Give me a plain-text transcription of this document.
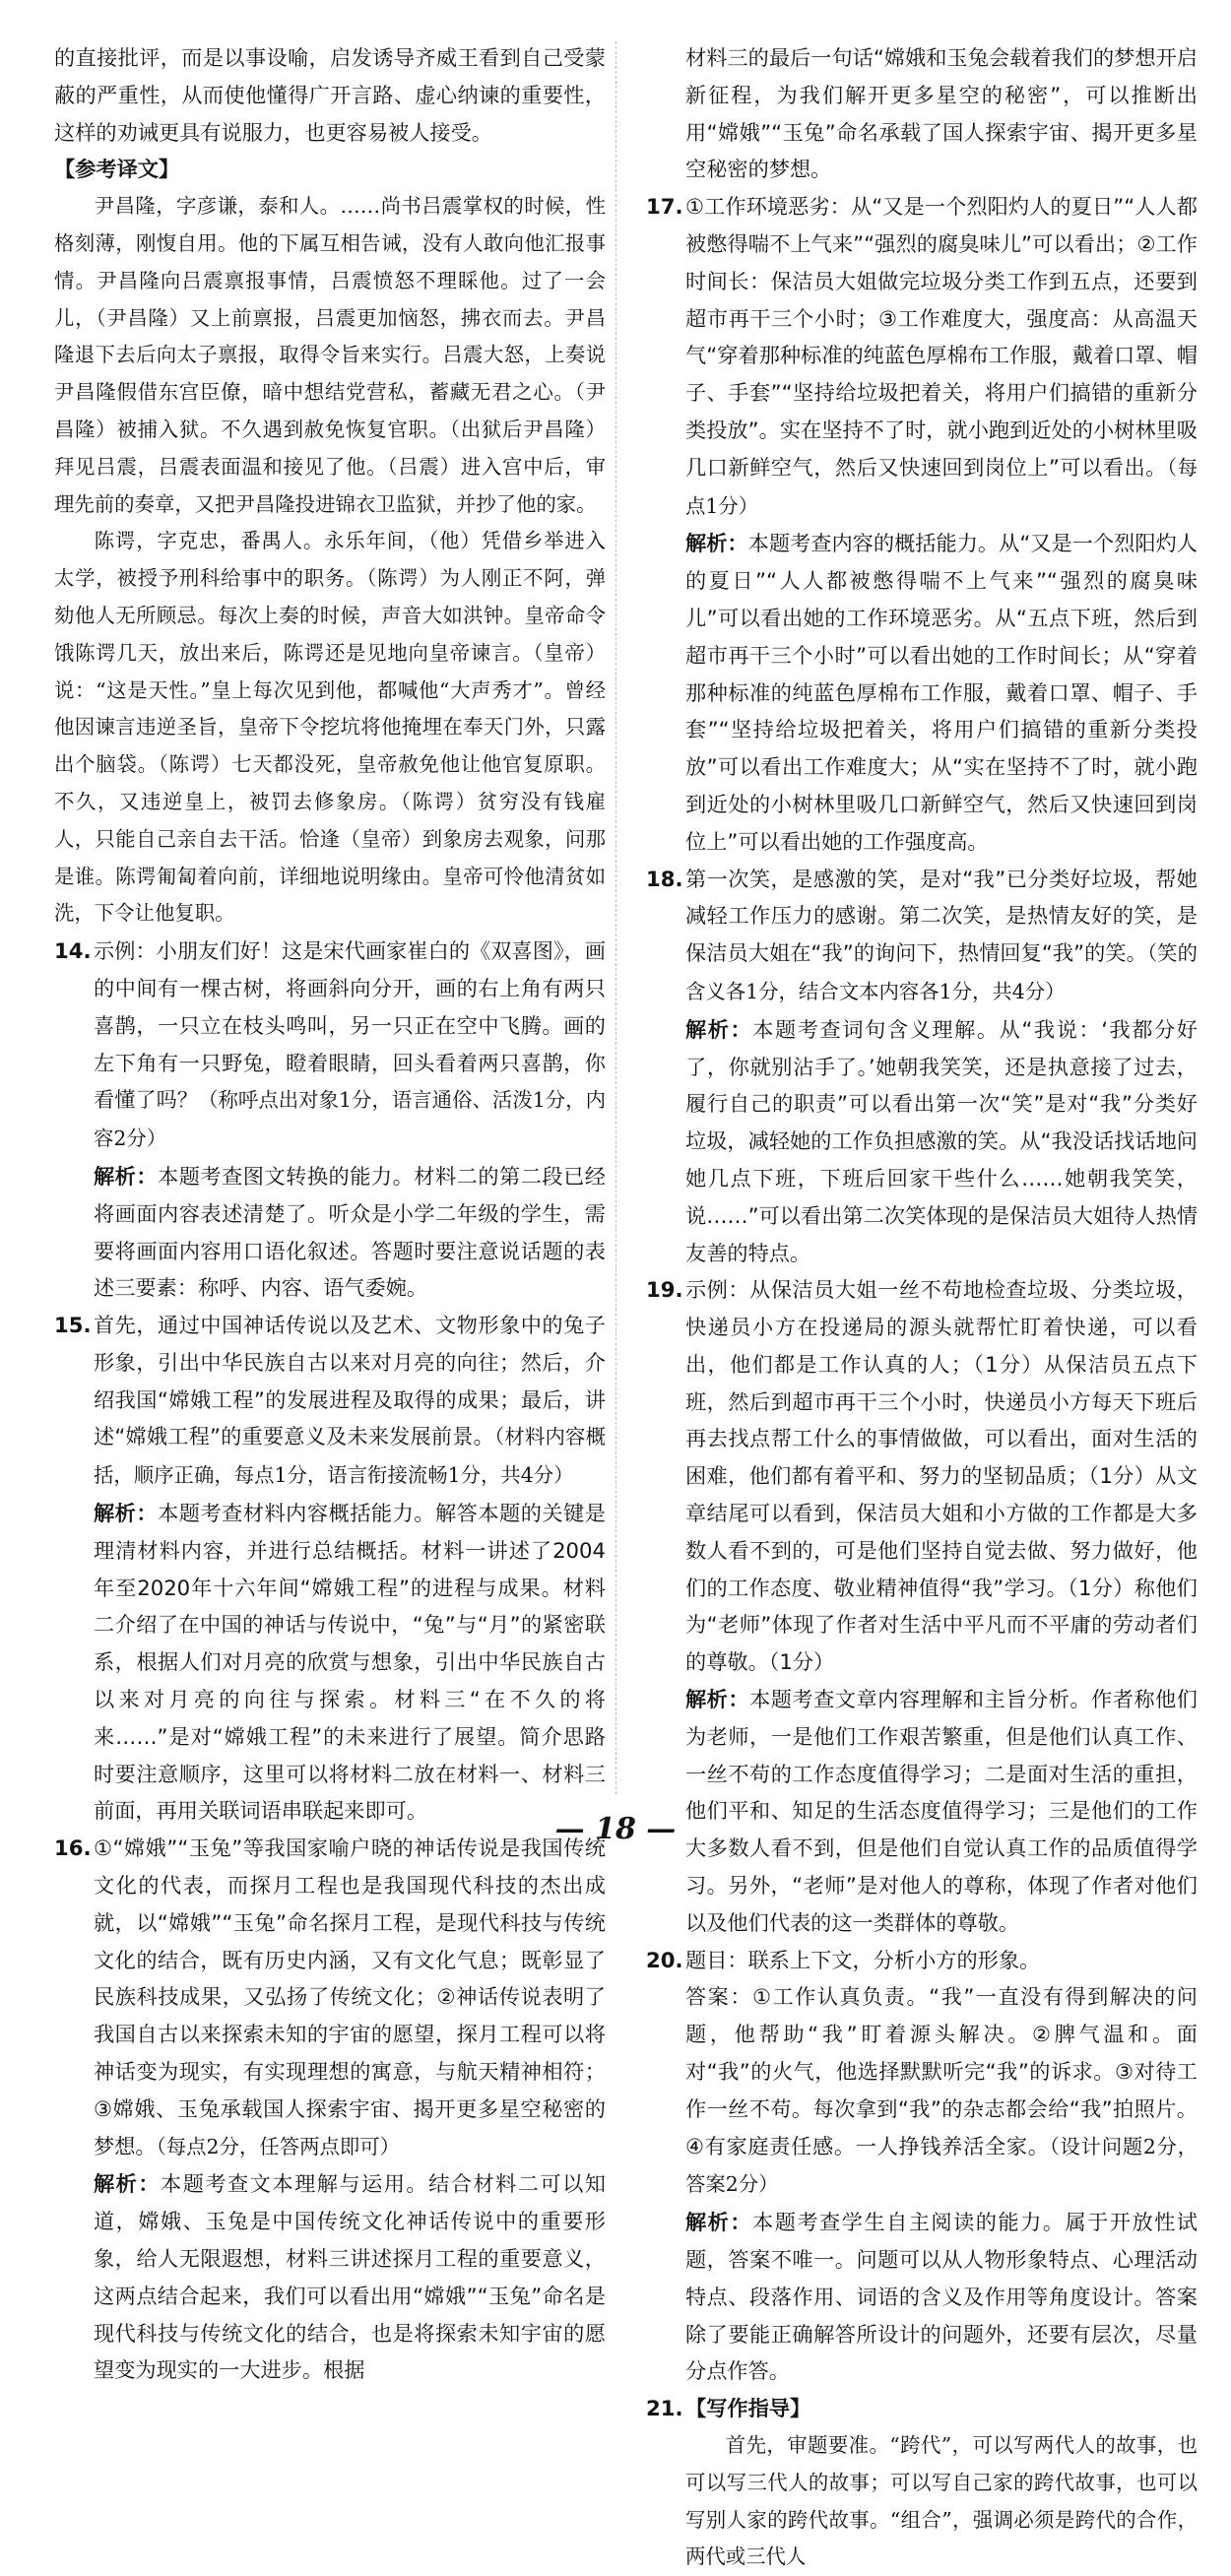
的直接批评，而是以事设喻，启发诱导齐威王看到自己受蒙蔽的严重性，从而使他懂得广开言路、虚心纳谏的重要性，这样的劝诫更具有说服力，也更容易被人接受。

【参考译文】

尹昌隆，字彦谦，泰和人。……尚书吕震掌权的时候，性格刻薄，刚愎自用。他的下属互相告诫，没有人敢向他汇报事情。尹昌隆向吕震禀报事情，吕震愤怒不理睬他。过了一会儿，（尹昌隆）又上前禀报，吕震更加恼怒，拂衣而去。尹昌隆退下去后向太子禀报，取得令旨来实行。吕震大怒，上奏说尹昌隆假借东宫臣僚，暗中想结党营私，蓄藏无君之心。（尹昌隆）被捕入狱。不久遇到赦免恢复官职。（出狱后尹昌隆）拜见吕震，吕震表面温和接见了他。（吕震）进入宫中后，审理先前的奏章，又把尹昌隆投进锦衣卫监狱，并抄了他的家。

陈谔，字克忠，番禺人。永乐年间，（他）凭借乡举进入太学，被授予刑科给事中的职务。（陈谔）为人刚正不阿，弹劾他人无所顾忌。每次上奏的时候，声音大如洪钟。皇帝命令饿陈谔几天，放出来后，陈谔还是见地向皇帝谏言。（皇帝）说：“这是天性。”皇上每次见到他，都喊他“大声秀才”。曾经他因谏言违逆圣旨，皇帝下令挖坑将他掩埋在奉天门外，只露出个脑袋。（陈谔）七天都没死，皇帝赦免他让他官复原职。不久，又违逆皇上，被罚去修象房。（陈谔）贫穷没有钱雇人，只能自己亲自去干活。恰逢（皇帝）到象房去观象，问那是谁。陈谔匍匐着向前，详细地说明缘由。皇帝可怜他清贫如洗，下令让他复职。

14. 示例：小朋友们好！这是宋代画家崔白的《双喜图》，画的中间有一棵古树，将画斜向分开，画的右上角有两只喜鹊，一只立在枝头鸣叫，另一只正在空中飞腾。画的左下角有一只野兔，瞪着眼睛，回头看着两只喜鹊，你看懂了吗？（称呼点出对象1分，语言通俗、活泼1分，内容2分）

解析：本题考查图文转换的能力。材料二的第二段已经将画面内容表述清楚了。听众是小学二年级的学生，需要将画面内容用口语化叙述。答题时要注意说话题的表述三要素：称呼、内容、语气委婉。

15. 首先，通过中国神话传说以及艺术、文物形象中的兔子形象，引出中华民族自古以来对月亮的向往；然后，介绍我国“嫦娥工程”的发展进程及取得的成果；最后，讲述“嫦娥工程”的重要意义及未来发展前景。（材料内容概括，顺序正确，每点1分，语言衔接流畅1分，共4分）

解析：本题考查材料内容概括能力。解答本题的关键是理清材料内容，并进行总结概括。材料一讲述了2004年至2020年十六年间“嫦娥工程”的进程与成果。材料二介绍了在中国的神话与传说中，“兔”与“月”的紧密联系，根据人们对月亮的欣赏与想象，引出中华民族自古以来对月亮的向往与探索。材料三“在不久的将来……”是对“嫦娥工程”的未来进行了展望。简介思路时要注意顺序，这里可以将材料二放在材料一、材料三前面，再用关联词语串联起来即可。

16. ①“嫦娥”“玉兔”等我国家喻户晓的神话传说是我国传统文化的代表，而探月工程也是我国现代科技的杰出成就，以“嫦娥”“玉兔”命名探月工程，是现代科技与传统文化的结合，既有历史内涵，又有文化气息；既彰显了民族科技成果，又弘扬了传统文化；②神话传说表明了我国自古以来探索未知的宇宙的愿望，探月工程可以将神话变为现实，有实现理想的寓意，与航天精神相符；③嫦娥、玉兔承载国人探索宇宙、揭开更多星空秘密的梦想。（每点2分，任答两点即可）

解析：本题考查文本理解与运用。结合材料二可以知道，嫦娥、玉兔是中国传统文化神话传说中的重要形象，给人无限遐想，材料三讲述探月工程的重要意义，这两点结合起来，我们可以看出用“嫦娥”“玉兔”命名是现代科技与传统文化的结合，也是将探索未知宇宙的愿望变为现实的一大进步。根据

材料三的最后一句话“嫦娥和玉兔会载着我们的梦想开启新征程，为我们解开更多星空的秘密”，可以推断出用“嫦娥”“玉兔”命名承载了国人探索宇宙、揭开更多星空秘密的梦想。

17. ①工作环境恶劣：从“又是一个烈阳灼人的夏日”“人人都被憋得喘不上气来”“强烈的腐臭味儿”可以看出；②工作时间长：保洁员大姐做完垃圾分类工作到五点，还要到超市再干三个小时；③工作难度大，强度高：从高温天气“穿着那种标准的纯蓝色厚棉布工作服，戴着口罩、帽子、手套”“坚持给垃圾把着关，将用户们搞错的重新分类投放”。实在坚持不了时，就小跑到近处的小树林里吸几口新鲜空气，然后又快速回到岗位上”可以看出。（每点1分）

解析：本题考查内容的概括能力。从“又是一个烈阳灼人的夏日”“人人都被憋得喘不上气来”“强烈的腐臭味儿”可以看出她的工作环境恶劣。从“五点下班，然后到超市再干三个小时”可以看出她的工作时间长；从“穿着那种标准的纯蓝色厚棉布工作服，戴着口罩、帽子、手套”“坚持给垃圾把着关，将用户们搞错的重新分类投放”可以看出工作难度大；从“实在坚持不了时，就小跑到近处的小树林里吸几口新鲜空气，然后又快速回到岗位上”可以看出她的工作强度高。

18. 第一次笑，是感激的笑，是对“我”已分类好垃圾，帮她减轻工作压力的感谢。第二次笑，是热情友好的笑，是保洁员大姐在“我”的询问下，热情回复“我”的笑。（笑的含义各1分，结合文本内容各1分，共4分）

解析：本题考查词句含义理解。从“我说：‘我都分好了，你就别沾手了。’她朝我笑笑，还是执意接了过去，履行自己的职责”可以看出第一次“笑”是对“我”分类好垃圾，减轻她的工作负担感激的笑。从“我没话找话地问她几点下班，下班后回家干些什么……她朝我笑笑，说……”可以看出第二次笑体现的是保洁员大姐待人热情友善的特点。

19. 示例：从保洁员大姐一丝不苟地检查垃圾、分类垃圾，快递员小方在投递局的源头就帮忙盯着快递，可以看出，他们都是工作认真的人；（1分）从保洁员五点下班，然后到超市再干三个小时，快递员小方每天下班后再去找点帮工什么的事情做做，可以看出，面对生活的困难，他们都有着平和、努力的坚韧品质；（1分）从文章结尾可以看到，保洁员大姐和小方做的工作都是大多数人看不到的，可是他们坚持自觉去做、努力做好，他们的工作态度、敬业精神值得“我”学习。（1分）称他们为“老师”体现了作者对生活中平凡而不平庸的劳动者们的尊敬。（1分）

解析：本题考查文章内容理解和主旨分析。作者称他们为老师，一是他们工作艰苦繁重，但是他们认真工作、一丝不苟的工作态度值得学习；二是面对生活的重担，他们平和、知足的生活态度值得学习；三是他们的工作大多数人看不到，但是他们自觉认真工作的品质值得学习。另外，“老师”是对他人的尊称，体现了作者对他们以及他们代表的这一类群体的尊敬。

20. 题目：联系上下文，分析小方的形象。

答案：①工作认真负责。“我”一直没有得到解决的问题，他帮助“我”盯着源头解决。②脾气温和。面对“我”的火气，他选择默默听完“我”的诉求。③对待工作一丝不苟。每次拿到“我”的杂志都会给“我”拍照片。④有家庭责任感。一人挣钱养活全家。（设计问题2分，答案2分）

解析：本题考查学生自主阅读的能力。属于开放性试题，答案不唯一。问题可以从人物形象特点、心理活动特点、段落作用、词语的含义及作用等角度设计。答案除了要能正确解答所设计的问题外，还要有层次，尽量分点作答。

21. 【写作指导】

首先，审题要准。“跨代”，可以写两代人的故事，也可以写三代人的故事；可以写自己家的跨代故事，也可以写别人家的跨代故事。“组合”，强调必须是跨代的合作，两代或三代人

— 18 —
